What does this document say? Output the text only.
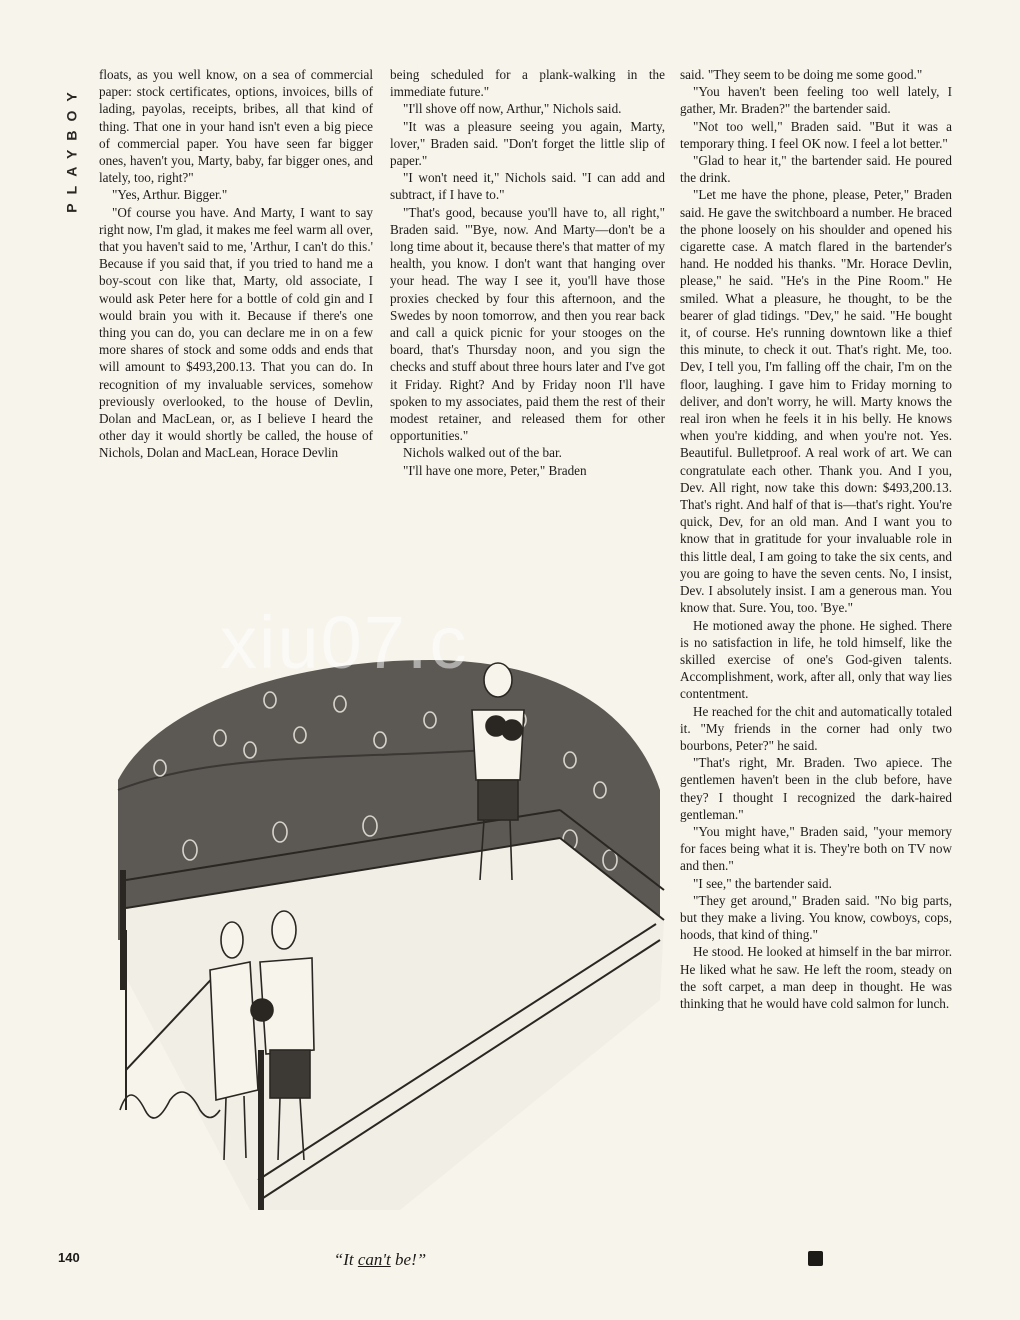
PLAYBOY

floats, as you well know, on a sea of commercial paper: stock certificates, options, invoices, bills of lading, payolas, receipts, bribes, all that kind of thing. That one in your hand isn't even a big piece of commercial paper. You have seen far bigger ones, haven't you, Marty, baby, far bigger ones, and lately, too, right?"

"Yes, Arthur. Bigger."

"Of course you have. And Marty, I want to say right now, I'm glad, it makes me feel warm all over, that you haven't said to me, 'Arthur, I can't do this.' Because if you said that, if you tried to hand me a boy-scout con like that, Marty, old associate, I would ask Peter here for a bottle of cold gin and I would brain you with it. Because if there's one thing you can do, you can declare me in on a few more shares of stock and some odds and ends that will amount to $493,200.13. That you can do. In recognition of my invaluable services, somehow previously overlooked, to the house of Devlin, Dolan and MacLean, or, as I believe I heard the other day it would shortly be called, the house of Nichols, Dolan and MacLean, Horace Devlin

being scheduled for a plank-walking in the immediate future."

"I'll shove off now, Arthur," Nichols said.

"It was a pleasure seeing you again, Marty, lover," Braden said. "Don't forget the little slip of paper."

"I won't need it," Nichols said. "I can add and subtract, if I have to."

"That's good, because you'll have to, all right," Braden said. "'Bye, now. And Marty—don't be a long time about it, because there's that matter of my health, you know. I don't want that hanging over your head. The way I see it, you'll have those proxies checked by four this afternoon, and the Swedes by noon tomorrow, and then you rear back and call a quick picnic for your stooges on the board, that's Thursday noon, and you sign the checks and stuff about three hours later and I've got it Friday. Right? And by Friday noon I'll have spoken to my associates, paid them the rest of their modest retainer, and released them for other opportunities."

Nichols walked out of the bar.

"I'll have one more, Peter," Braden

said. "They seem to be doing me some good."

"You haven't been feeling too well lately, I gather, Mr. Braden?" the bartender said.

"Not too well," Braden said. "But it was a temporary thing. I feel OK now. I feel a lot better."

"Glad to hear it," the bartender said. He poured the drink.

"Let me have the phone, please, Peter," Braden said. He gave the switchboard a number. He braced the phone loosely on his shoulder and opened his cigarette case. A match flared in the bartender's hand. He nodded his thanks. "Mr. Horace Devlin, please," he said. "He's in the Pine Room." He smiled. What a pleasure, he thought, to be the bearer of glad tidings. "Dev," he said. "He bought it, of course. He's running downtown like a thief this minute, to check it out. That's right. Me, too. Dev, I tell you, I'm falling off the chair, I'm on the floor, laughing. I gave him to Friday morning to deliver, and don't worry, he will. Marty knows the real iron when he feels it in his belly. He knows when you're kidding, and when you're not. Yes. Beautiful. Bulletproof. A real work of art. We can congratulate each other. Thank you. And I you, Dev. All right, now take this down: $493,200.13. That's right. And half of that is—that's right. You're quick, Dev, for an old man. And I want you to know that in gratitude for your invaluable role in this little deal, I am going to take the six cents, and you are going to have the seven cents. No, I insist, Dev. I absolutely insist. I am a generous man. You know that. Sure. You, too. 'Bye."

He motioned away the phone. He sighed. There is no satisfaction in life, he told himself, like the skilled exercise of one's God-given talents. Accomplishment, work, after all, only that way lies contentment.

He reached for the chit and automatically totaled it. "My friends in the corner had only two bourbons, Peter?" he said.

"That's right, Mr. Braden. Two apiece. The gentlemen haven't been in the club before, have they? I thought I recognized the dark-haired gentleman."

"You might have," Braden said, "your memory for faces being what it is. They're both on TV now and then."

"I see," the bartender said.

"They get around," Braden said. "No big parts, but they make a living. You know, cowboys, cops, hoods, that kind of thing."

He stood. He looked at himself in the bar mirror. He liked what he saw. He left the room, steady on the soft carpet, a man deep in thought. He was thinking that he would have cold salmon for lunch.

xiu07.c
“It can't be!”
140
